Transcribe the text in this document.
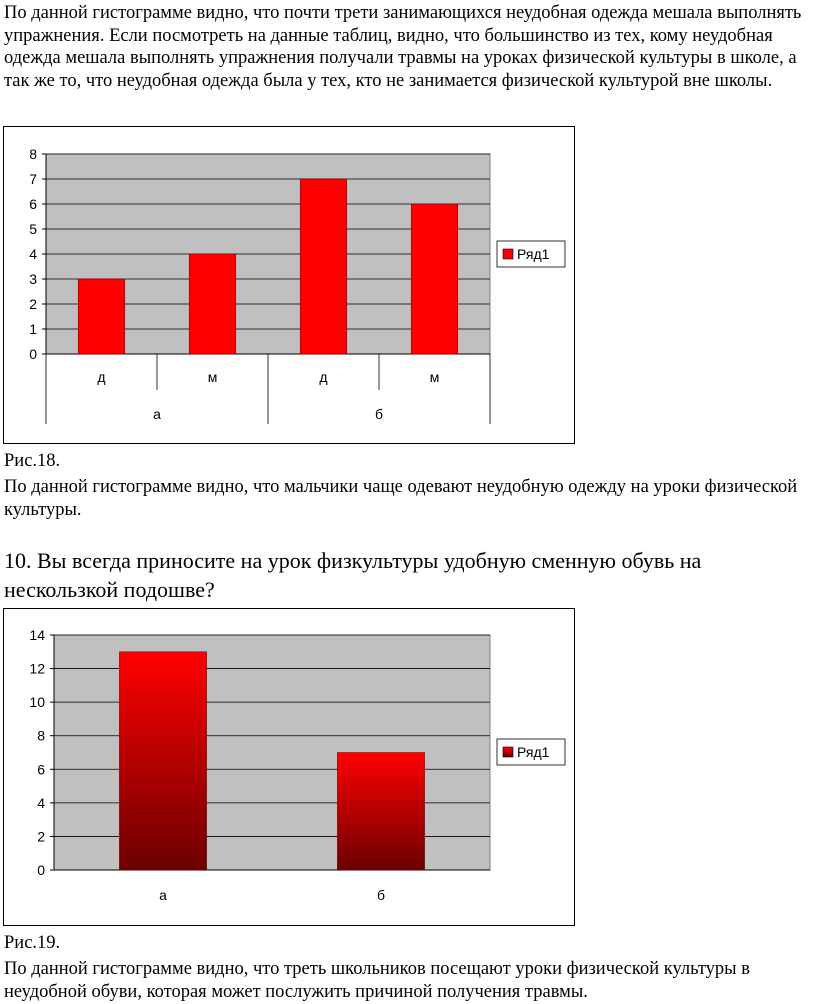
По данной гистограмме видно, что почти трети занимающихся неудобная одежда мешала выполнять упражнения. Если посмотреть на данные таблиц, видно, что большинство из тех, кому неудобная одежда мешала выполнять упражнения получали травмы на уроках физической культуры в школе, а так же то, что неудобная одежда была у тех, кто не занимается физической культурой вне школы.

0
1
2
3
4
5
6
7
8
д	м	д	м
а	б
Ряд1

Рис.18.

По данной гистограмме видно, что мальчики чаще одевают неудобную одежду на уроки физической культуры.

10. Вы всегда приносите на урок физкультуры удобную сменную обувь на нескользкой подошве?

0
2
4
6
8
10
12
14
а	б
Ряд1

Рис.19.

По данной гистограмме видно, что треть школьников посещают уроки физической культуры в неудобной обуви, которая может послужить причиной получения травмы.
